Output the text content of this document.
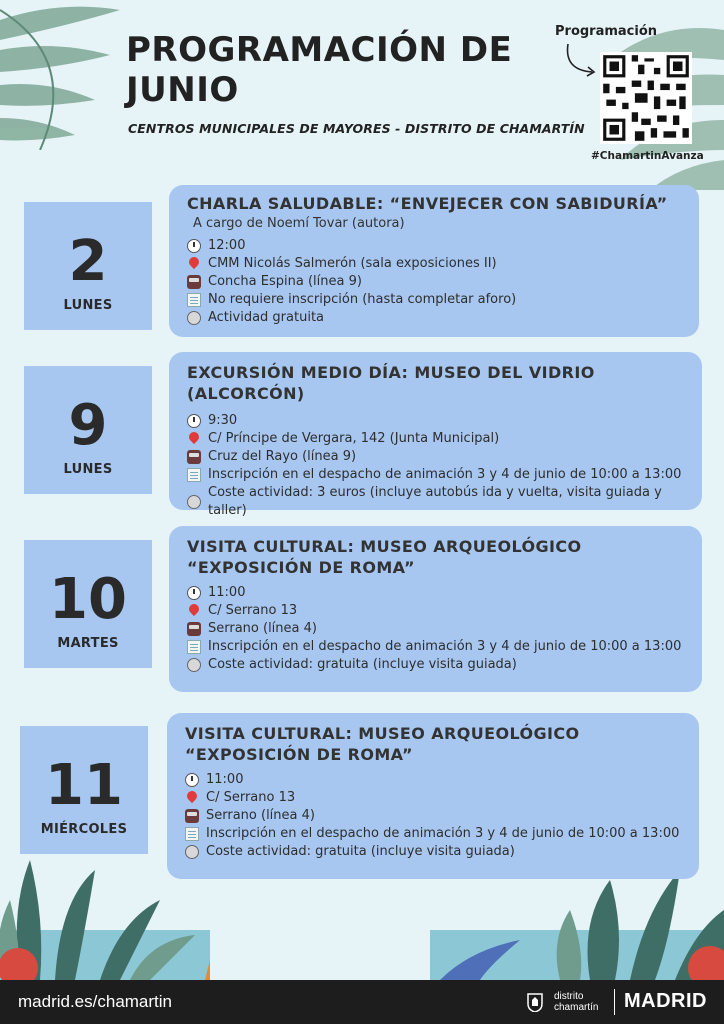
PROGRAMACIÓN DE JUNIO
CENTROS MUNICIPALES DE MAYORES - DISTRITO DE CHAMARTÍN
Programación
#ChamartinAvanza
2
LUNES
CHARLA SALUDABLE: “ENVEJECER CON SABIDURÍA”
A cargo de Noemí Tovar (autora)
12:00
CMM Nicolás Salmerón (sala exposiciones II)
Concha Espina (línea 9)
No requiere inscripción (hasta completar aforo)
Actividad gratuita
9
LUNES
EXCURSIÓN MEDIO DÍA: MUSEO DEL VIDRIO (ALCORCÓN)
9:30
C/ Príncipe de Vergara, 142 (Junta Municipal)
Cruz del Rayo (línea 9)
Inscripción en el despacho de animación 3 y 4 de junio de 10:00 a 13:00
Coste actividad: 3 euros (incluye autobús ida y vuelta, visita guiada y taller)
10
MARTES
VISITA CULTURAL: MUSEO ARQUEOLÓGICO “EXPOSICIÓN DE ROMA”
11:00
C/ Serrano 13
Serrano (línea 4)
Inscripción en el despacho de animación 3 y 4 de junio de 10:00 a 13:00
Coste actividad: gratuita (incluye visita guiada)
11
MIÉRCOLES
VISITA CULTURAL: MUSEO ARQUEOLÓGICO “EXPOSICIÓN DE ROMA”
11:00
C/ Serrano 13
Serrano (línea 4)
Inscripción en el despacho de animación 3 y 4 de junio de 10:00 a 13:00
Coste actividad: gratuita (incluye visita guiada)
madrid.es/chamartin	distrito
chamartín MADRID
